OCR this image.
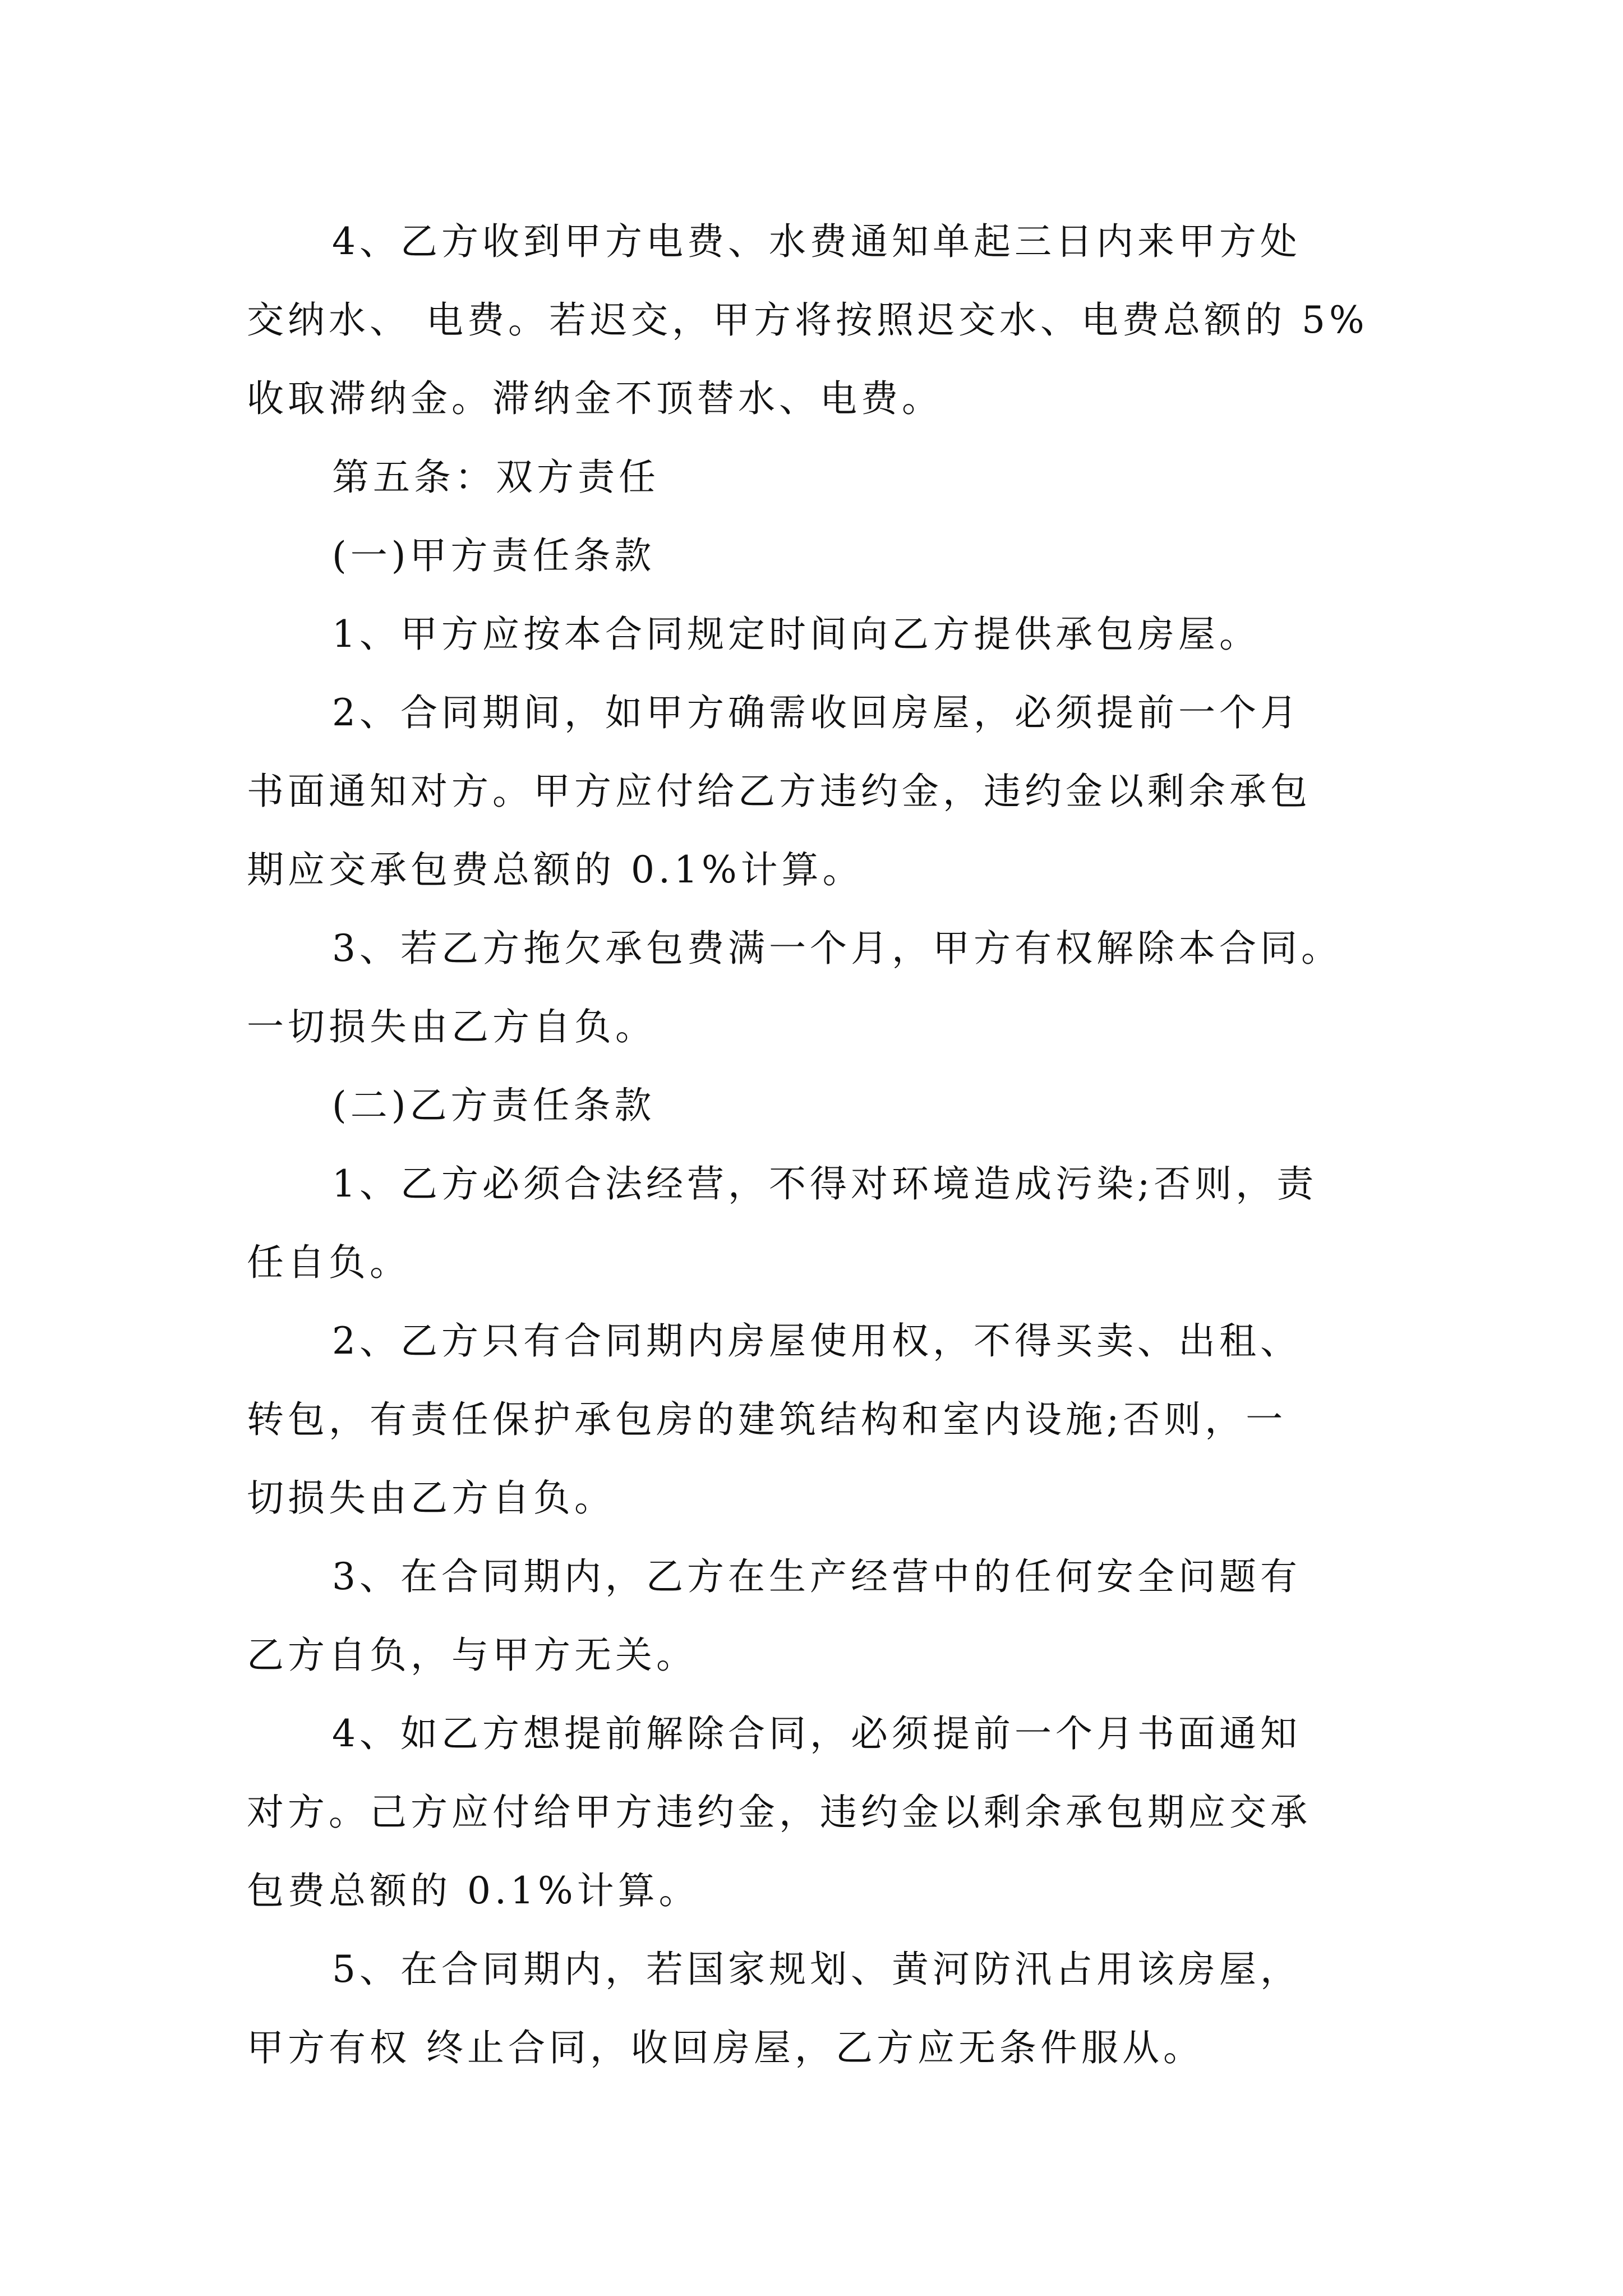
4、乙方收到甲方电费、水费通知单起三日内来甲方处
交纳水、 电费。若迟交，甲方将按照迟交水、电费总额的 5%
收取滞纳金。滞纳金不顶替水、电费。
第五条：双方责任
(一)甲方责任条款
1、甲方应按本合同规定时间向乙方提供承包房屋。
2、合同期间，如甲方确需收回房屋，必须提前一个月
书面通知对方。甲方应付给乙方违约金，违约金以剩余承包
期应交承包费总额的 0.1%计算。
3、若乙方拖欠承包费满一个月，甲方有权解除本合同。
一切损失由乙方自负。
(二)乙方责任条款
1、乙方必须合法经营，不得对环境造成污染;否则，责
任自负。
2、乙方只有合同期内房屋使用权，不得买卖、出租、
转包，有责任保护承包房的建筑结构和室内设施;否则，一
切损失由乙方自负。
3、在合同期内，乙方在生产经营中的任何安全问题有
乙方自负，与甲方无关。
4、如乙方想提前解除合同，必须提前一个月书面通知
对方。己方应付给甲方违约金，违约金以剩余承包期应交承
包费总额的 0.1%计算。
5、在合同期内，若国家规划、黄河防汛占用该房屋，
甲方有权 终止合同，收回房屋，乙方应无条件服从。
